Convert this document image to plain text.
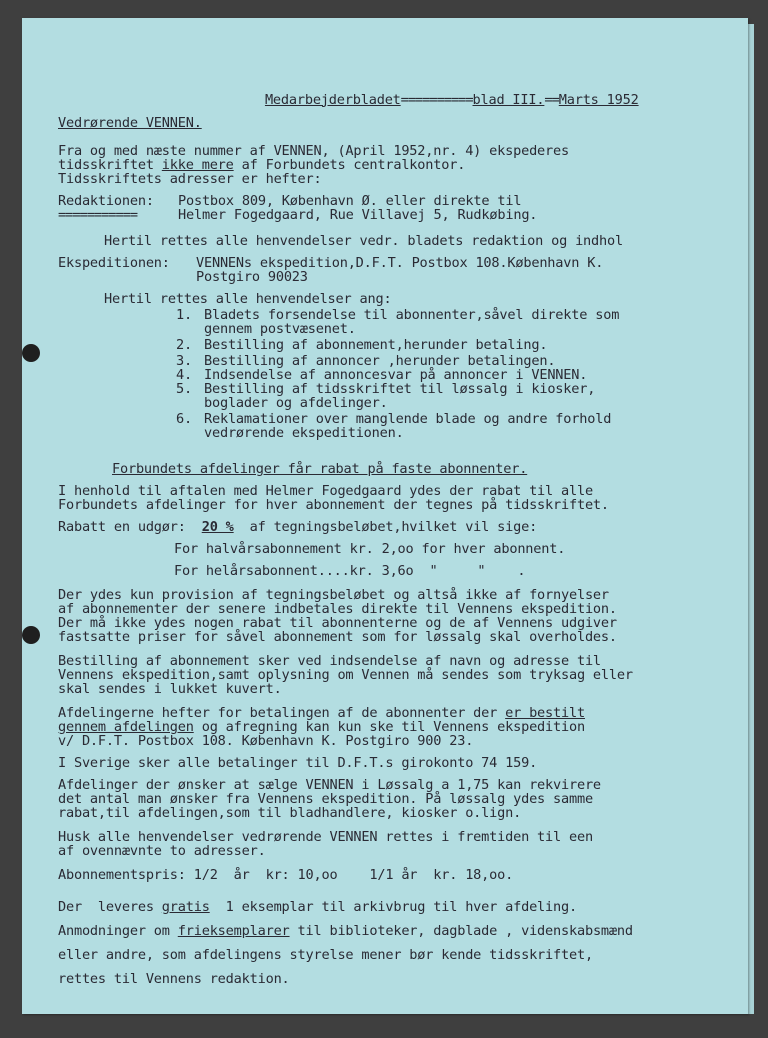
Medarbejderbladet==========blad III.==Marts 1952

Vedrørende VENNEN.
Fra og med næste nummer af VENNEN, (April 1952,nr. 4) ekspederes
tidsskriftet ikke mere af Forbundets centralkontor.
Tidsskriftets adresser er hefter:
Redaktionen: Postbox 809, København Ø. eller direkte til
===========	Helmer Fogedgaard, Rue Villavej 5, Rudkøbing.
Hertil rettes alle henvendelser vedr. bladets redaktion og indhol
Ekspeditionen: VENNENs ekspedition,D.F.T. Postbox 108.København K.
Postgiro 90023
Hertil rettes alle henvendelser ang:
1. Bladets forsendelse til abonnenter,såvel direkte som
gennem postvæsenet.
2. Bestilling af abonnement,herunder betaling.
3. Bestilling af annoncer ,herunder betalingen.
4. Indsendelse af annoncesvar på annoncer i VENNEN.
5. Bestilling af tidsskriftet til løssalg i kiosker,
boglader og afdelinger.
6. Reklamationer over manglende blade og andre forhold
vedrørende ekspeditionen.
Forbundets afdelinger får rabat på faste abonnenter.
I henhold til aftalen med Helmer Fogedgaard ydes der rabat til alle
Forbundets afdelinger for hver abonnement der tegnes på tidsskriftet.
Rabatt en udgør: 20 % af tegningsbeløbet,hvilket vil sige:
For halvårsabonnement kr. 2,oo for hver abonnent.
For helårsabonnent....kr. 3,6o  "     "    .
Der ydes kun provision af tegningsbeløbet og altså ikke af fornyelser
af abonnementer der senere indbetales direkte til Vennens ekspedition.
Der må ikke ydes nogen rabat til abonnenterne og de af Vennens udgiver
fastsatte priser for såvel abonnement som for løssalg skal overholdes.
Bestilling af abonnement sker ved indsendelse af navn og adresse til
Vennens ekspedition,samt oplysning om Vennen må sendes som tryksag eller
skal sendes i lukket kuvert.
Afdelingerne hefter for betalingen af de abonnenter der er bestilt
gennem afdelingen og afregning kan kun ske til Vennens ekspedition
v/ D.F.T. Postbox 108. København K. Postgiro 900 23.
I Sverige sker alle betalinger til D.F.T.s girokonto 74 159.
Afdelinger der ønsker at sælge VENNEN i Løssalg a 1,75 kan rekvirere
det antal man ønsker fra Vennens ekspedition. På løssalg ydes samme
rabat,til afdelingen,som til bladhandlere, kiosker o.lign.
Husk alle henvendelser vedrørende VENNEN rettes i fremtiden til een
af ovennævnte to adresser.
Abonnementspris: 1/2  år  kr: 10,oo    1/1 år  kr. 18,oo.
Der  leveres gratis  1 eksemplar til arkivbrug til hver afdeling.
Anmodninger om frieksemplarer til biblioteker, dagblade , videnskabsmænd
eller andre, som afdelingens styrelse mener bør kende tidsskriftet,
rettes til Vennens redaktion.
